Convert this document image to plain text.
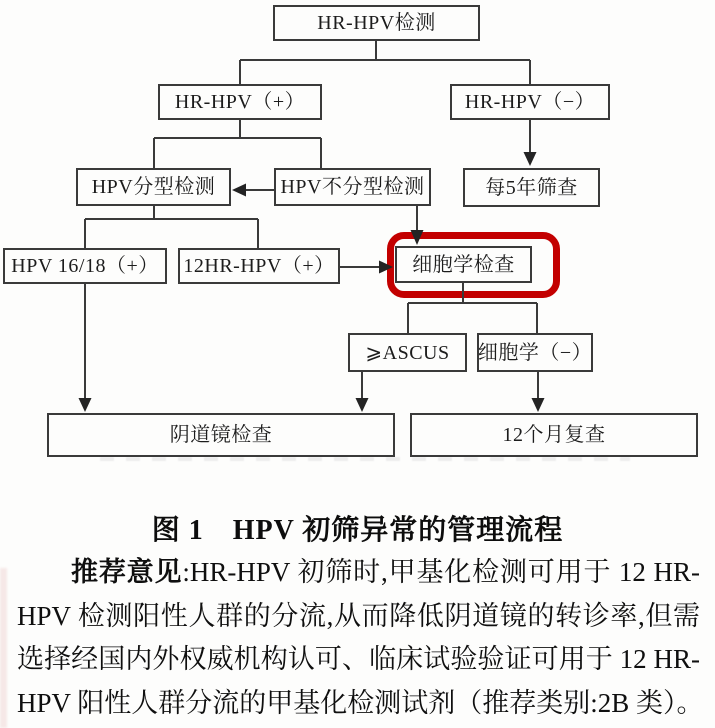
HR-HPV检测
HR-HPV（+）	HR-HPV（−）
HPV分型检测	HPV不分型检测	每5年筛查
HPV 16/18（+）	12HR-HPV（+）	细胞学检查
⩾ASCUS	细胞学（−）
阴道镜检查	12个月复查
图 1　HPV 初筛异常的管理流程
推荐意见:HR-HPV 初筛时,甲基化检测可用于 12 HR-
HPV 检测阳性人群的分流,从而降低阴道镜的转诊率,但需
选择经国内外权威机构认可、临床试验验证可用于 12 HR-
HPV 阳性人群分流的甲基化检测试剂（推荐类别:2B 类）。
